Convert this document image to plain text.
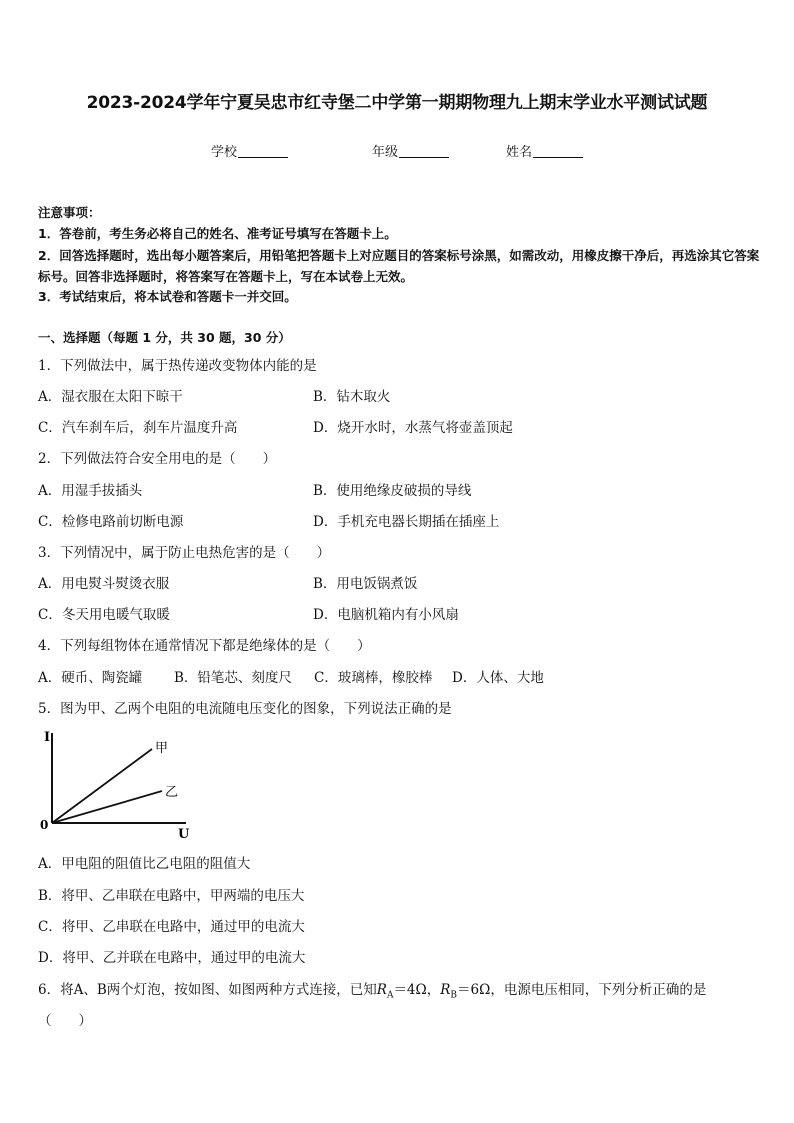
2023-2024学年宁夏吴忠市红寺堡二中学第一期期物理九上期末学业水平测试试题
学校	年级	姓名
注意事项：
1．答卷前，考生务必将自己的姓名、准考证号填写在答题卡上。
2．回答选择题时，选出每小题答案后，用铅笔把答题卡上对应题目的答案标号涂黑，如需改动，用橡皮擦干净后，再选涂其它答案标号。回答非选择题时，将答案写在答题卡上，写在本试卷上无效。
3．考试结束后，将本试卷和答题卡一并交回。
一、选择题（每题 1 分，共 30 题，30 分）
1．下列做法中，属于热传递改变物体内能的是
A．湿衣服在太阳下晾干	B．钻木取火
C．汽车刹车后，刹车片温度升高	D．烧开水时，水蒸气将壶盖顶起
2．下列做法符合安全用电的是（　　）
A．用湿手拔插头	B．使用绝缘皮破损的导线
C．检修电路前切断电源	D．手机充电器长期插在插座上
3．下列情况中，属于防止电热危害的是（　　）
A．用电熨斗熨烫衣服	B．用电饭锅煮饭
C．冬天用电暖气取暖	D．电脑机箱内有小风扇
4．下列每组物体在通常情况下都是绝缘体的是（　　）
A．硬币、陶瓷罐 B．铅笔芯、刻度尺 C．玻璃棒，橡胶棒 D．人体、大地
5．图为甲、乙两个电阻的电流随电压变化的图象，下列说法正确的是
I
U
0
甲
乙
A．甲电阻的阻值比乙电阻的阻值大
B．将甲、乙串联在电路中，甲两端的电压大
C．将甲、乙串联在电路中，通过甲的电流大
D．将甲、乙并联在电路中，通过甲的电流大
6．将A、B两个灯泡，按如图、如图两种方式连接，已知$R_A=4\Omega$，$R_B=6\Omega$，电源电压相同，下列分析正确的是
（　　）
